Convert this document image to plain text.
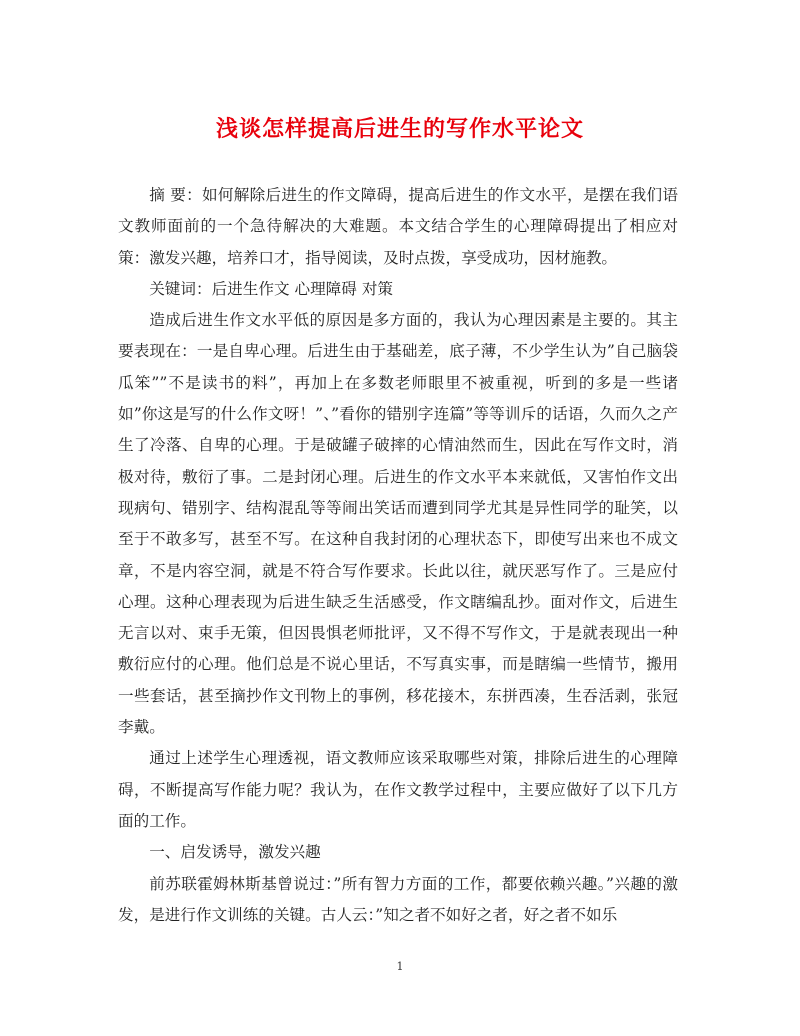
浅谈怎样提高后进生的写作水平论文

摘 要：如何解除后进生的作文障碍，提高后进生的作文水平，是摆在我们语文教师面前的一个急待解决的大难题。本文结合学生的心理障碍提出了相应对策：激发兴趣，培养口才，指导阅读，及时点拨，享受成功，因材施教。

关键词：后进生作文 心理障碍 对策

造成后进生作文水平低的原因是多方面的，我认为心理因素是主要的。其主要表现在：一是自卑心理。后进生由于基础差，底子薄，不少学生认为”自己脑袋瓜笨””不是读书的料”，再加上在多数老师眼里不被重视，听到的多是一些诸如”你这是写的什么作文呀！”、”看你的错别字连篇”等等训斥的话语，久而久之产生了冷落、自卑的心理。于是破罐子破摔的心情油然而生，因此在写作文时，消极对待，敷衍了事。二是封闭心理。后进生的作文水平本来就低，又害怕作文出现病句、错别字、结构混乱等等闹出笑话而遭到同学尤其是异性同学的耻笑，以至于不敢多写，甚至不写。在这种自我封闭的心理状态下，即使写出来也不成文章，不是内容空洞，就是不符合写作要求。长此以往，就厌恶写作了。三是应付心理。这种心理表现为后进生缺乏生活感受，作文瞎编乱抄。面对作文，后进生无言以对、束手无策，但因畏惧老师批评，又不得不写作文，于是就表现出一种敷衍应付的心理。他们总是不说心里话，不写真实事，而是瞎编一些情节，搬用一些套话，甚至摘抄作文刊物上的事例，移花接木，东拼西凑，生吞活剥，张冠李戴。

通过上述学生心理透视，语文教师应该采取哪些对策，排除后进生的心理障碍，不断提高写作能力呢？我认为，在作文教学过程中，主要应做好了以下几方面的工作。

一、启发诱导，激发兴趣

前苏联霍姆林斯基曾说过：”所有智力方面的工作，都要依赖兴趣。”兴趣的激发，是进行作文训练的关键。古人云：”知之者不如好之者，好之者不如乐

1
